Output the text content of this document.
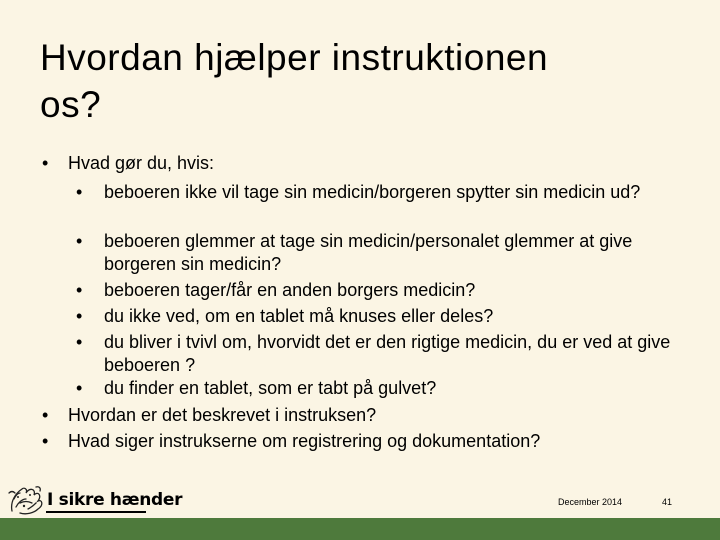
Hvordan hjælper instruktionen
os?
•	Hvad gør du, hvis:
•	beboeren ikke vil tage sin medicin/borgeren spytter sin medicin ud?
•	beboeren glemmer at tage sin medicin/personalet glemmer at give borgeren sin medicin?
•	beboeren tager/får en anden borgers medicin?
•	du ikke ved, om en tablet må knuses eller deles?
•	du bliver i tvivl om, hvorvidt det er den rigtige medicin, du er ved at give beboeren ?
•	du finder en tablet, som er tabt på gulvet?
•	Hvordan er det beskrevet i instruksen?
•	Hvad siger instrukserne om registrering og dokumentation?
I sikre hænder	December 2014	41
